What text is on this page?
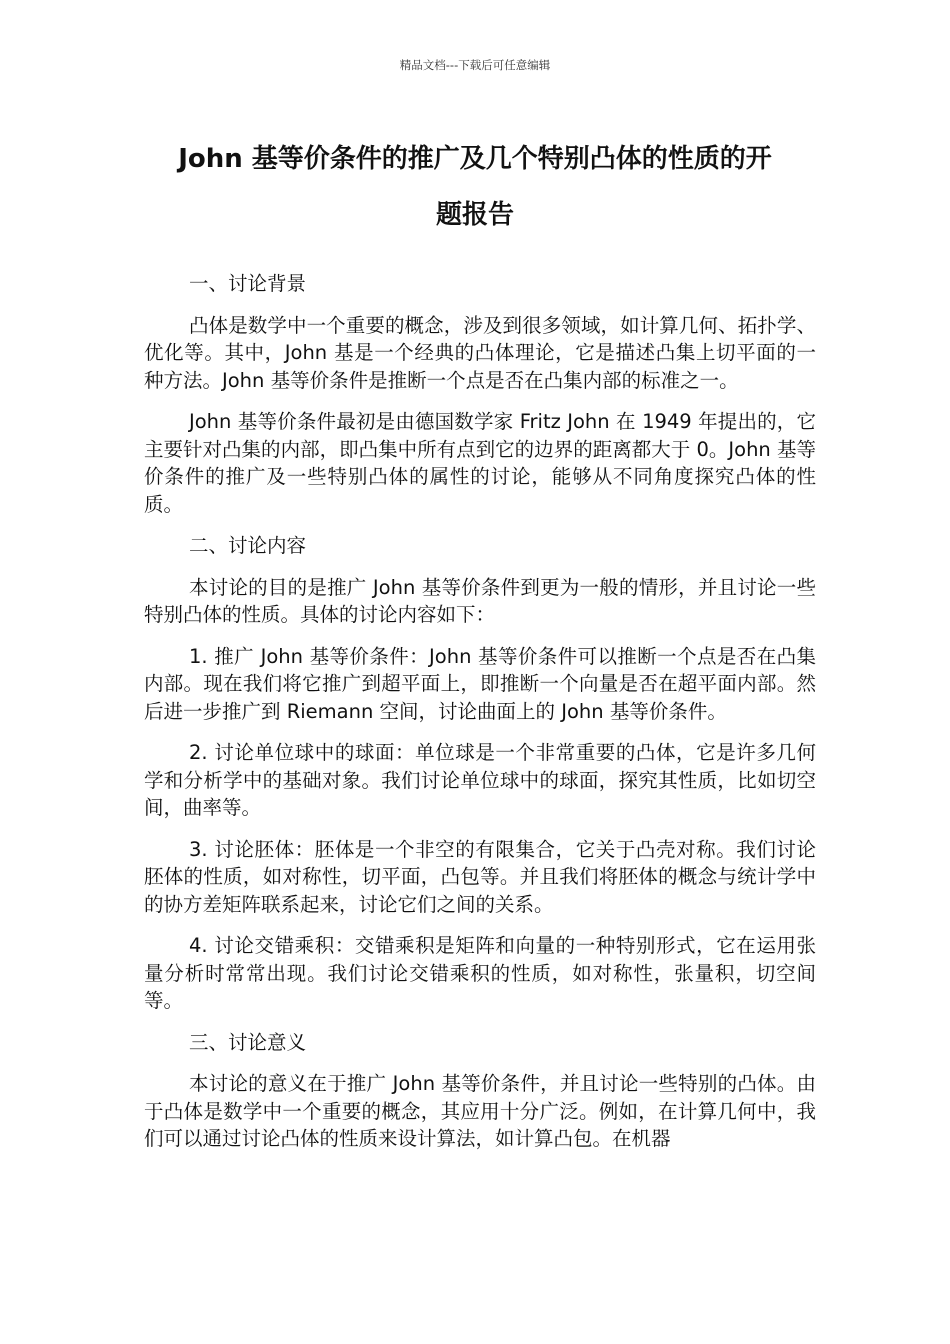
精品文档---下载后可任意编辑
John 基等价条件的推广及几个特别凸体的性质的开
题报告

一、讨论背景

凸体是数学中一个重要的概念，涉及到很多领域，如计算几何、拓扑学、优化等。其中，John 基是一个经典的凸体理论，它是描述凸集上切平面的一种方法。John 基等价条件是推断一个点是否在凸集内部的标准之一。

John 基等价条件最初是由德国数学家 Fritz John 在 1949 年提出的，它主要针对凸集的内部，即凸集中所有点到它的边界的距离都大于 0。John 基等价条件的推广及一些特别凸体的属性的讨论，能够从不同角度探究凸体的性质。

二、讨论内容

本讨论的目的是推广 John 基等价条件到更为一般的情形，并且讨论一些特别凸体的性质。具体的讨论内容如下：

1. 推广 John 基等价条件：John 基等价条件可以推断一个点是否在凸集内部。现在我们将它推广到超平面上，即推断一个向量是否在超平面内部。然后进一步推广到 Riemann 空间，讨论曲面上的 John 基等价条件。

2. 讨论单位球中的球面：单位球是一个非常重要的凸体，它是许多几何学和分析学中的基础对象。我们讨论单位球中的球面，探究其性质，比如切空间，曲率等。

3. 讨论胚体：胚体是一个非空的有限集合，它关于凸壳对称。我们讨论胚体的性质，如对称性，切平面，凸包等。并且我们将胚体的概念与统计学中的协方差矩阵联系起来，讨论它们之间的关系。

4. 讨论交错乘积：交错乘积是矩阵和向量的一种特别形式，它在运用张量分析时常常出现。我们讨论交错乘积的性质，如对称性，张量积，切空间等。

三、讨论意义

本讨论的意义在于推广 John 基等价条件，并且讨论一些特别的凸体。由于凸体是数学中一个重要的概念，其应用十分广泛。例如，在计算几何中，我们可以通过讨论凸体的性质来设计算法，如计算凸包。在机器
